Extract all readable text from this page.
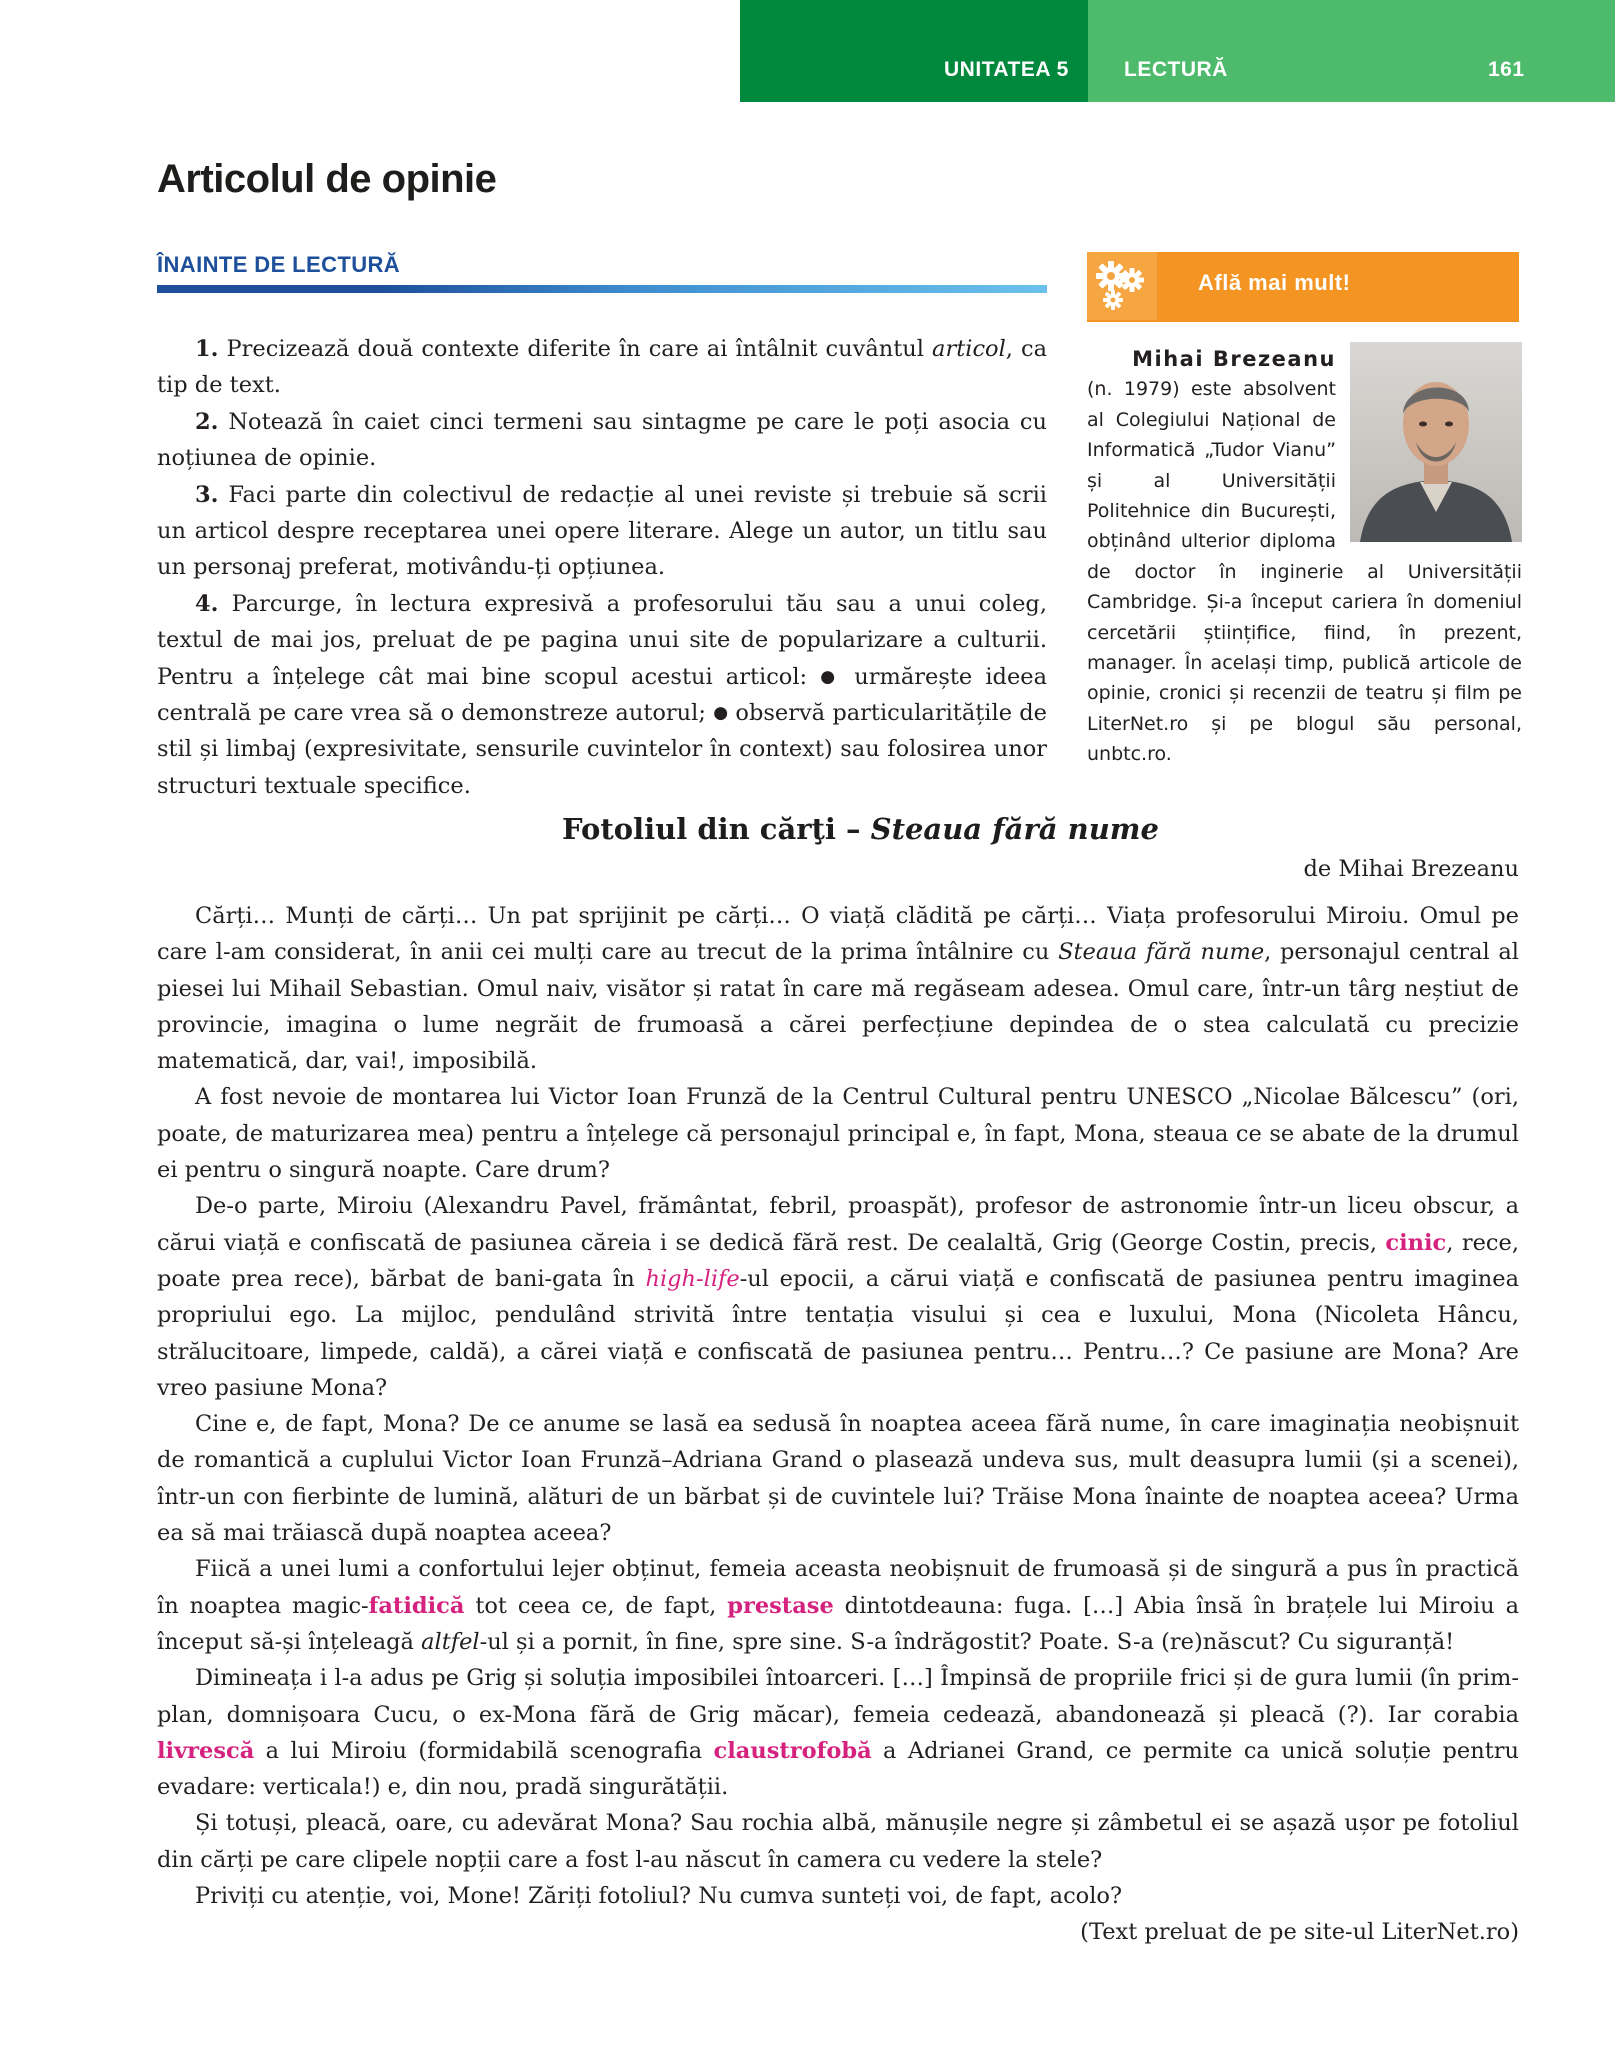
UNITATEA 5	LECTURĂ	161
Articolul de opinie
ÎNAINTE DE LECTURĂ

1. Precizează două contexte diferite în care ai întâlnit cuvântul articol, ca tip de text.

2. Notează în caiet cinci termeni sau sintagme pe care le poți asocia cu noțiunea de opinie.

3. Faci parte din colectivul de redacție al unei reviste și trebuie să scrii un articol despre receptarea unei opere literare. Alege un autor, un titlu sau un personaj preferat, motivându-ți opțiunea.

4. Parcurge, în lectura expresivă a profesorului tău sau a unui coleg, textul de mai jos, preluat de pe pagina unui site de popularizare a culturii. Pentru a înțelege cât mai bine scopul acestui articol: ● urmărește ideea centrală pe care vrea să o demonstreze autorul; ● observă particularitățile de stil și limbaj (expresivitate, sensurile cuvintelor în context) sau folosirea unor structuri textuale specifice.

Află mai mult!
Mihai Brezeanu
(n. 1979) este absolvent al Colegiului Național de Informatică „Tudor Vianu” și al Universității Politehnice din București, obținând ulterior diploma de doctor în inginerie al Universității Cambridge. Și-a început cariera în domeniul cercetării științifice, fiind, în prezent, manager. În același timp, publică articole de opinie, cronici și recenzii de teatru și film pe LiterNet.ro și pe blogul său personal, unbtc.ro.
Fotoliul din cărţi – Steaua fără nume
de Mihai Brezeanu

Cărți… Munți de cărți… Un pat sprijinit pe cărți… O viață clădită pe cărți… Viața profesorului Miroiu. Omul pe care l-am considerat, în anii cei mulți care au trecut de la prima întâlnire cu Steaua fără nume, personajul central al piesei lui Mihail Sebastian. Omul naiv, visător și ratat în care mă regăseam adesea. Omul care, într-un târg neștiut de provincie, imagina o lume negrăit de frumoasă a cărei perfecțiune depindea de o stea calculată cu precizie matematică, dar, vai!, imposibilă.

A fost nevoie de montarea lui Victor Ioan Frunză de la Centrul Cultural pentru UNESCO „Nicolae Bălcescu” (ori, poate, de maturizarea mea) pentru a înțelege că personajul principal e, în fapt, Mona, steaua ce se abate de la drumul ei pentru o singură noapte. Care drum?

De-o parte, Miroiu (Alexandru Pavel, frământat, febril, proaspăt), profesor de astronomie într-un liceu obscur, a cărui viață e confiscată de pasiunea căreia i se dedică fără rest. De cealaltă, Grig (George Costin, precis, cinic, rece, poate prea rece), bărbat de bani-gata în high-life-ul epocii, a cărui viață e confiscată de pasiunea pentru imaginea propriului ego. La mijloc, pendulând strivită între tentația visului și cea e luxului, Mona (Nicoleta Hâncu, strălucitoare, limpede, caldă), a cărei viață e confiscată de pasiunea pentru… Pentru…? Ce pasiune are Mona? Are vreo pasiune Mona?

Cine e, de fapt, Mona? De ce anume se lasă ea sedusă în noaptea aceea fără nume, în care imaginația neobișnuit de romantică a cuplului Victor Ioan Frunză–Adriana Grand o plasează undeva sus, mult deasupra lumii (și a scenei), într-un con fierbinte de lumină, alături de un bărbat și de cuvintele lui? Trăise Mona înainte de noaptea aceea? Urma ea să mai trăiască după noaptea aceea?

Fiică a unei lumi a confortului lejer obținut, femeia aceasta neobișnuit de frumoasă și de singură a pus în practică în noaptea magic-fatidică tot ceea ce, de fapt, prestase dintotdeauna: fuga. […] Abia însă în brațele lui Miroiu a început să-și înțeleagă altfel-ul și a pornit, în fine, spre sine. S-a îndrăgostit? Poate. S-a (re)născut? Cu siguranță!

Dimineața i l-a adus pe Grig și soluția imposibilei întoarceri. […] Împinsă de propriile frici și de gura lumii (în prim-plan, domnișoara Cucu, o ex-Mona fără de Grig măcar), femeia cedează, abandonează și pleacă (?). Iar corabia livrescă a lui Miroiu (formidabilă scenografia claustrofobă a Adrianei Grand, ce permite ca unică soluție pentru evadare: verticala!) e, din nou, pradă singurătății.

Și totuși, pleacă, oare, cu adevărat Mona? Sau rochia albă, mănușile negre și zâmbetul ei se așază ușor pe fotoliul din cărți pe care clipele nopții care a fost l-au născut în camera cu vedere la stele?

Priviți cu atenție, voi, Mone! Zăriți fotoliul? Nu cumva sunteți voi, de fapt, acolo?

(Text preluat de pe site-ul LiterNet.ro)
